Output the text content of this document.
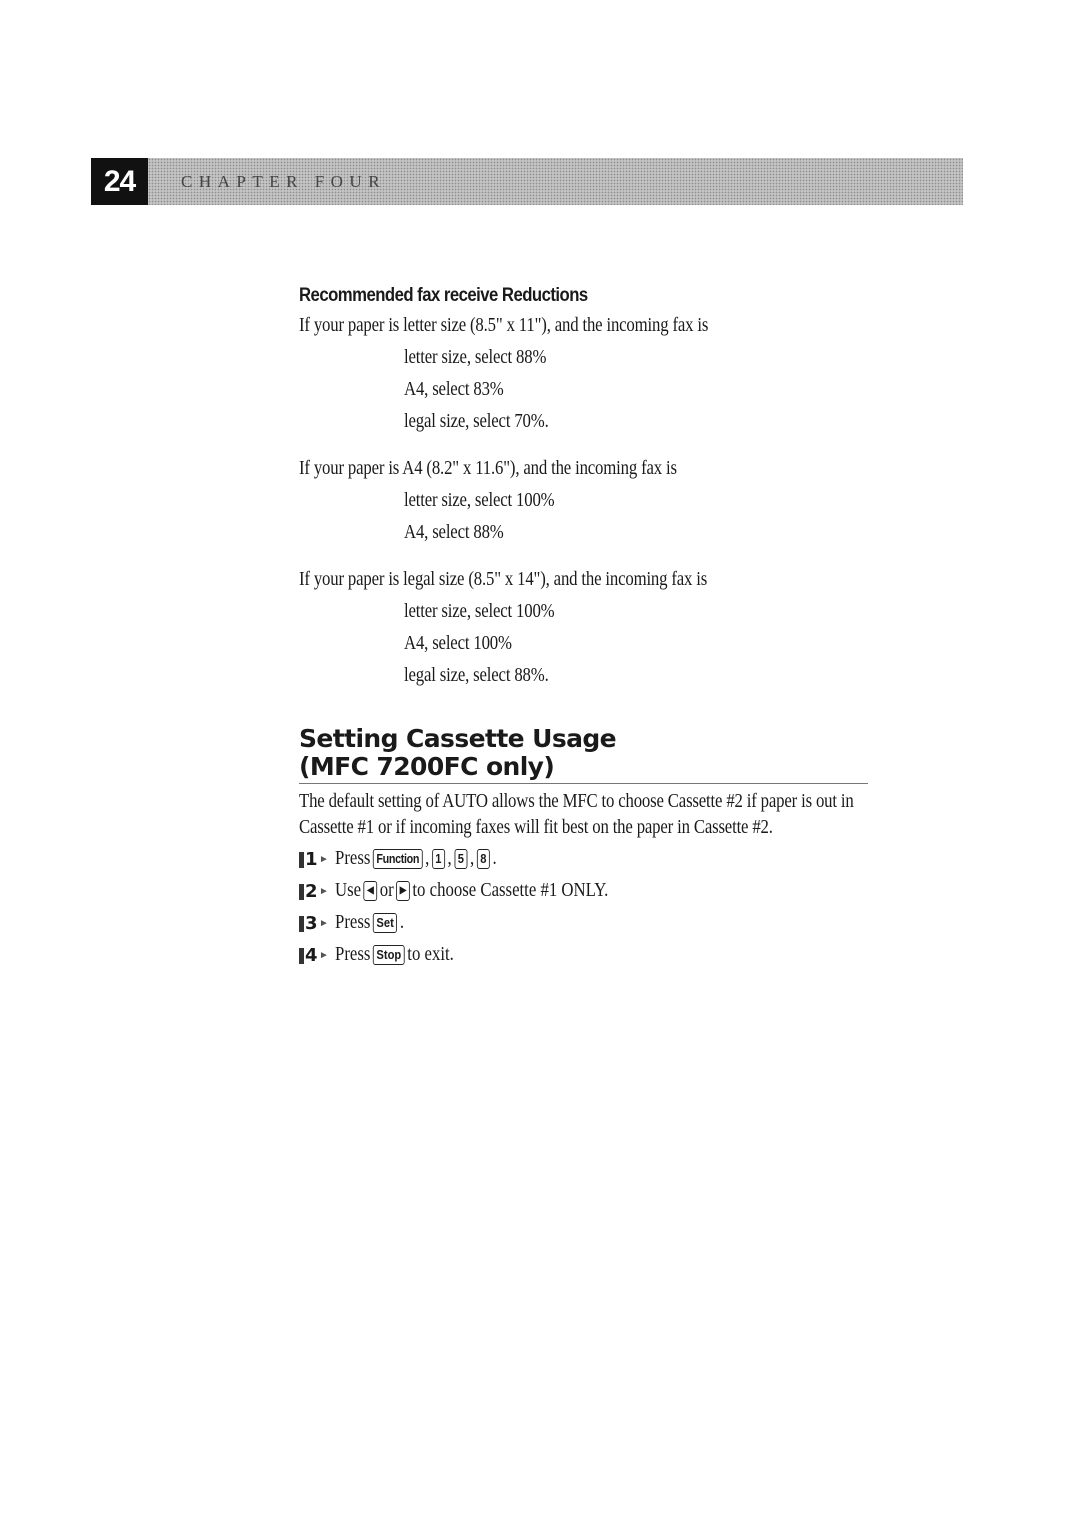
24	CHAPTER FOUR
Recommended fax receive Reductions
If your paper is letter size (8.5" x 11"), and the incoming fax is
letter size, select 88%
A4, select 83%
legal size, select 70%.
If your paper is A4 (8.2" x 11.6"), and the incoming fax is
letter size, select 100%
A4, select 88%
If your paper is legal size (8.5" x 14"), and the incoming fax is
letter size, select 100%
A4, select 100%
legal size, select 88%.
Setting Cassette Usage
(MFC 7200FC only)
The default setting of AUTO allows the MFC to choose Cassette #2 if paper is out in
Cassette #1 or if incoming faxes will fit best on the paper in Cassette #2.
1 ► Press Function , 1 , 5 , 8 .
2 ► Use ◀ or ▶ to choose Cassette #1 ONLY.
3 ► Press Set .
4 ► Press Stop to exit.
